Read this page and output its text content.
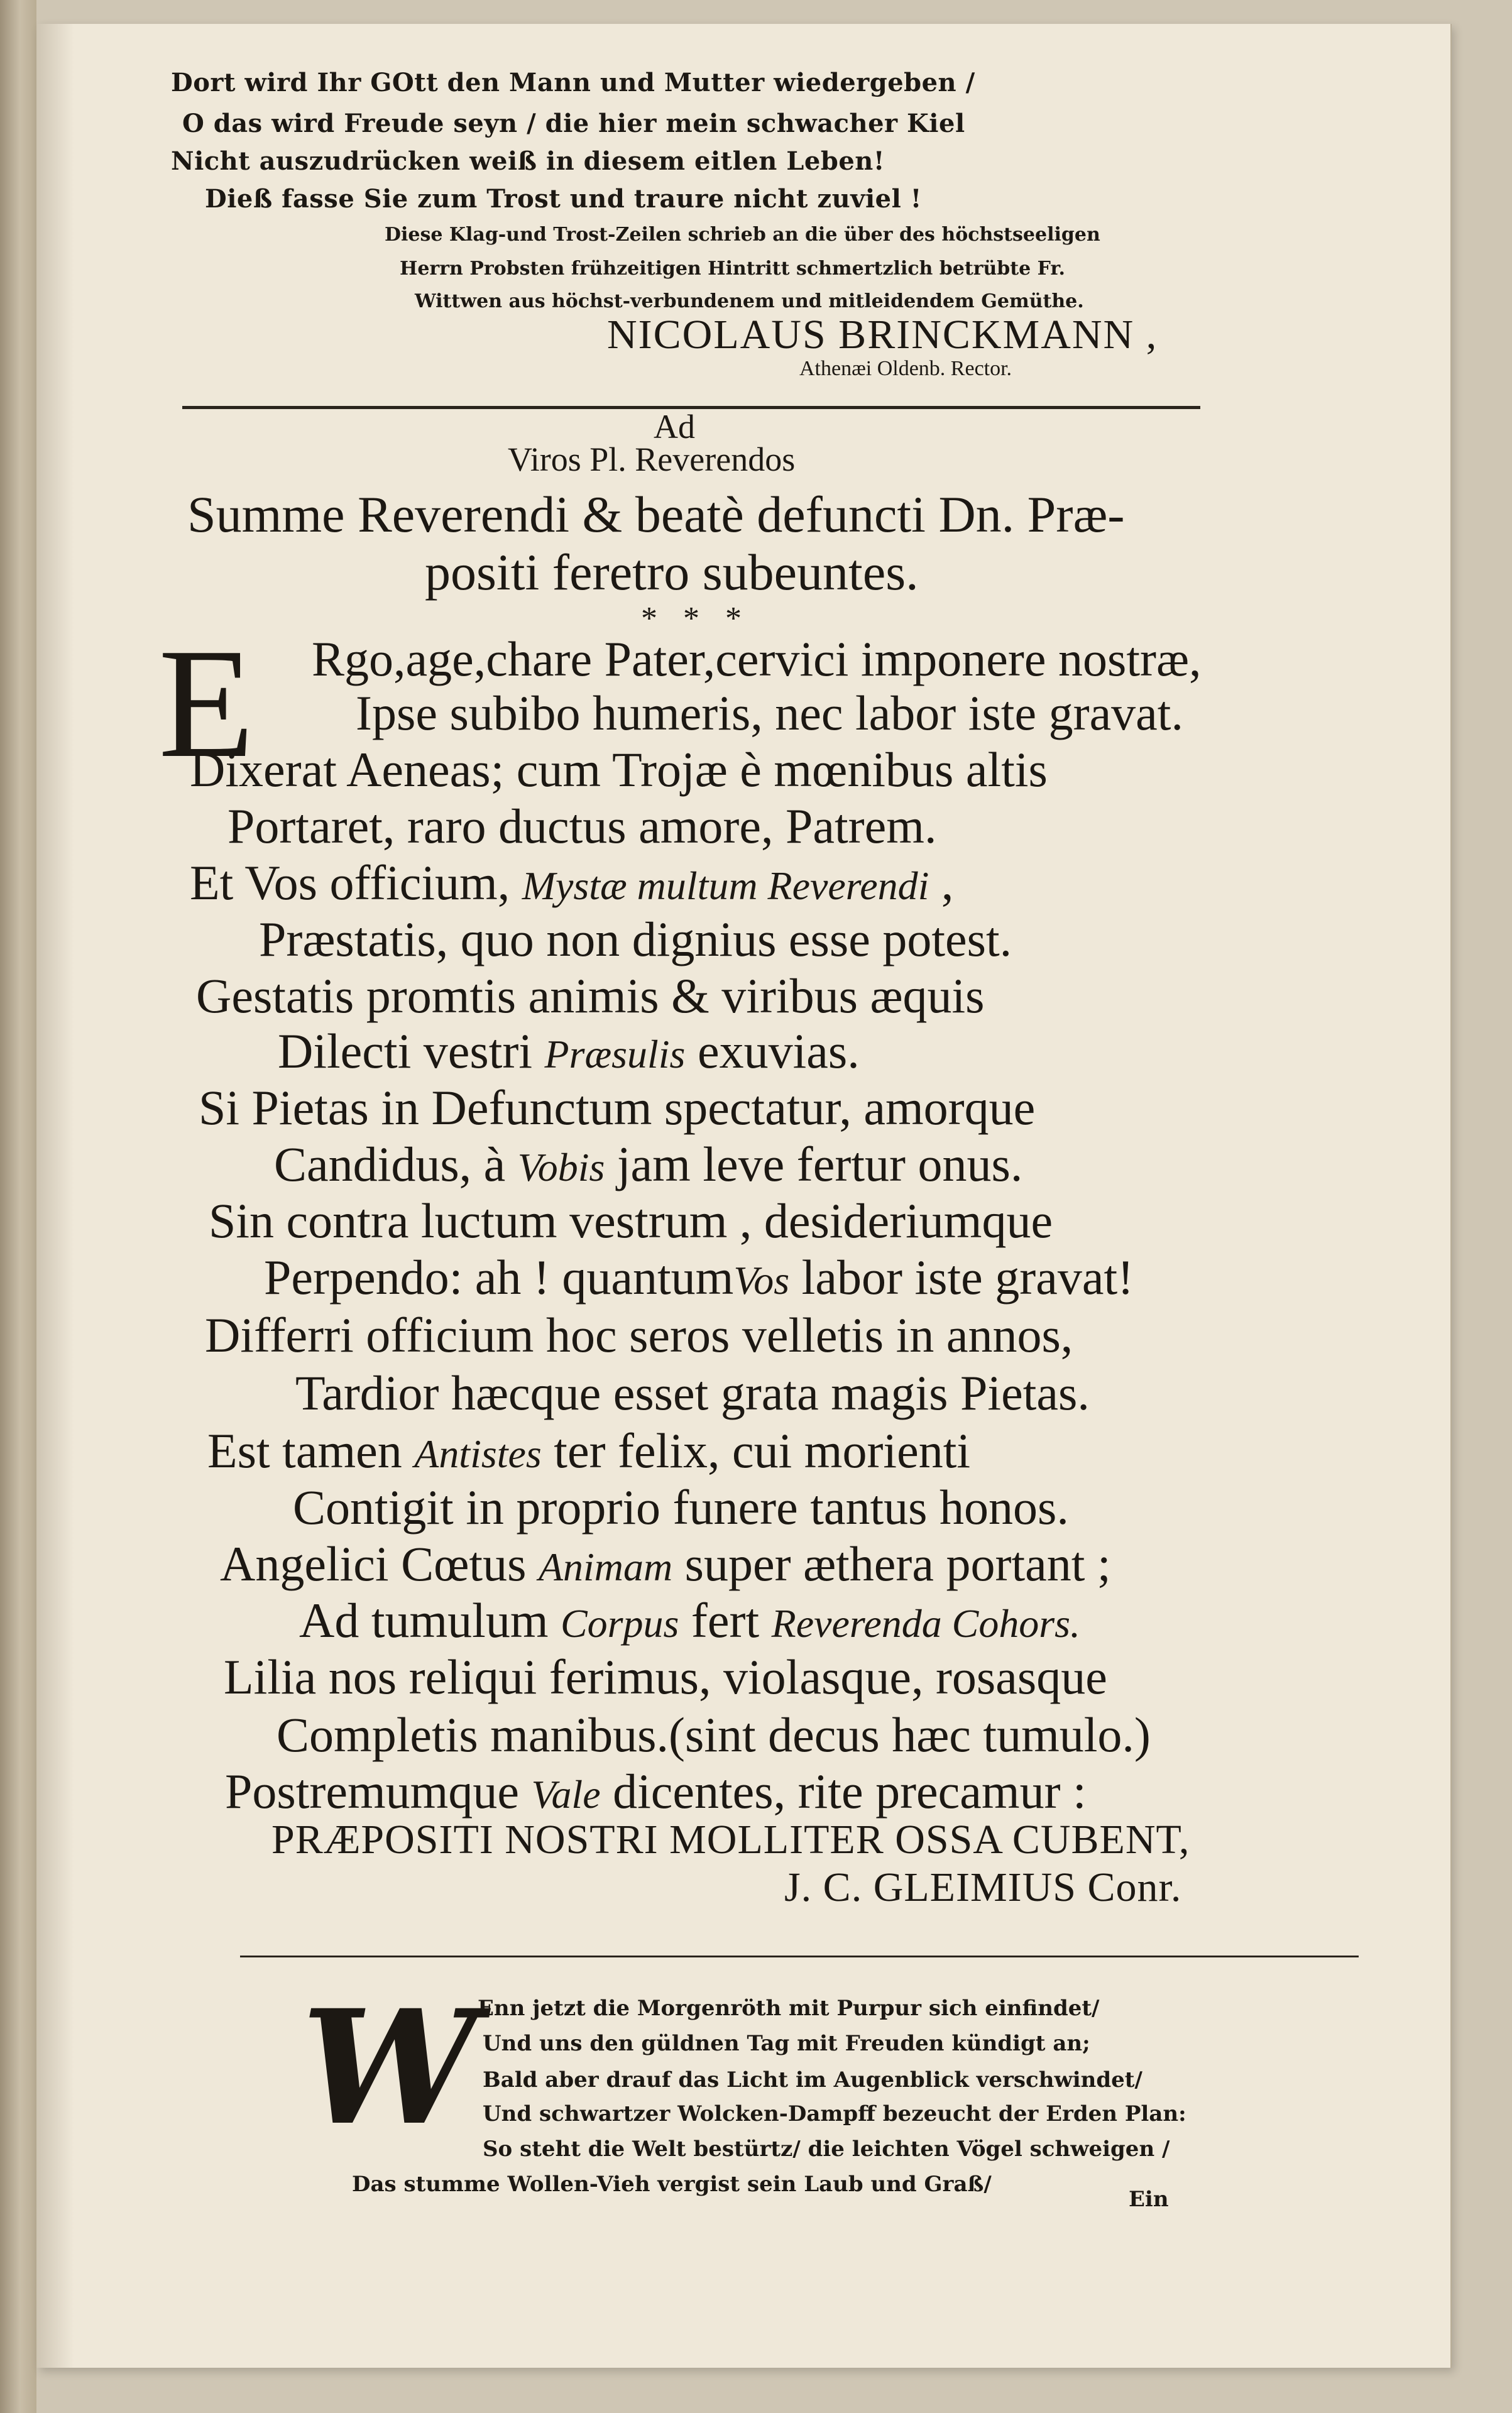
Dort wird Ihr GOtt den Mann und Mutter wiedergeben /
O das wird Freude seyn / die hier mein schwacher Kiel
Nicht auszudrücken weiß in diesem eitlen Leben!
Dieß fasse Sie zum Trost und traure nicht zuviel !
Diese Klag-und Trost-Zeilen schrieb an die über des höchstseeligen
Herrn Probsten frühzeitigen Hintritt schmertzlich betrübte Fr.
Wittwen aus höchst-verbundenem und mitleidendem Gemüthe.
NICOLAUS BRINCKMANN ,
Athenæi Oldenb. Rector.
Ad
Viros Pl. Reverendos
Summe Reverendi & beatè defuncti Dn. Præ-
positi feretro subeuntes.
* * *
E Rgo,age,chare Pater,cervici imponere nostræ,
Ipse subibo humeris, nec labor iste gravat.
Dixerat Aeneas; cum Trojæ è mœnibus altis
Portaret, raro ductus amore, Patrem.
Et Vos officium, Mystæ multum Reverendi ,
Præstatis, quo non dignius esse potest.
Gestatis promtis animis & viribus æquis
Dilecti vestri Præsulis exuvias.
Si Pietas in Defunctum spectatur, amorque
Candidus, à Vobis jam leve fertur onus.
Sin contra luctum vestrum , desideriumque
Perpendo: ah ! quantumVos labor iste gravat!
Differri officium hoc seros velletis in annos,
Tardior hæcque esset grata magis Pietas.
Est tamen Antistes ter felix, cui morienti
Contigit in proprio funere tantus honos.
Angelici Cœtus Animam super æthera portant ;
Ad tumulum Corpus fert Reverenda Cohors.
Lilia nos reliqui ferimus, violasque, rosasque
Completis manibus.(sint decus hæc tumulo.)
Postremumque Vale dicentes, rite precamur :
PRÆPOSITI NOSTRI MOLLITER OSSA CUBENT,
J. C. GLEIMIUS Conr.
W Enn jetzt die Morgenröth mit Purpur sich einfindet/
Und uns den güldnen Tag mit Freuden kündigt an;
Bald aber drauf das Licht im Augenblick verschwindet/
Und schwartzer Wolcken-Dampff bezeucht der Erden Plan:
So steht die Welt bestürtz/ die leichten Vögel schweigen /
Das stumme Wollen-Vieh vergist sein Laub und Graß/
Ein
